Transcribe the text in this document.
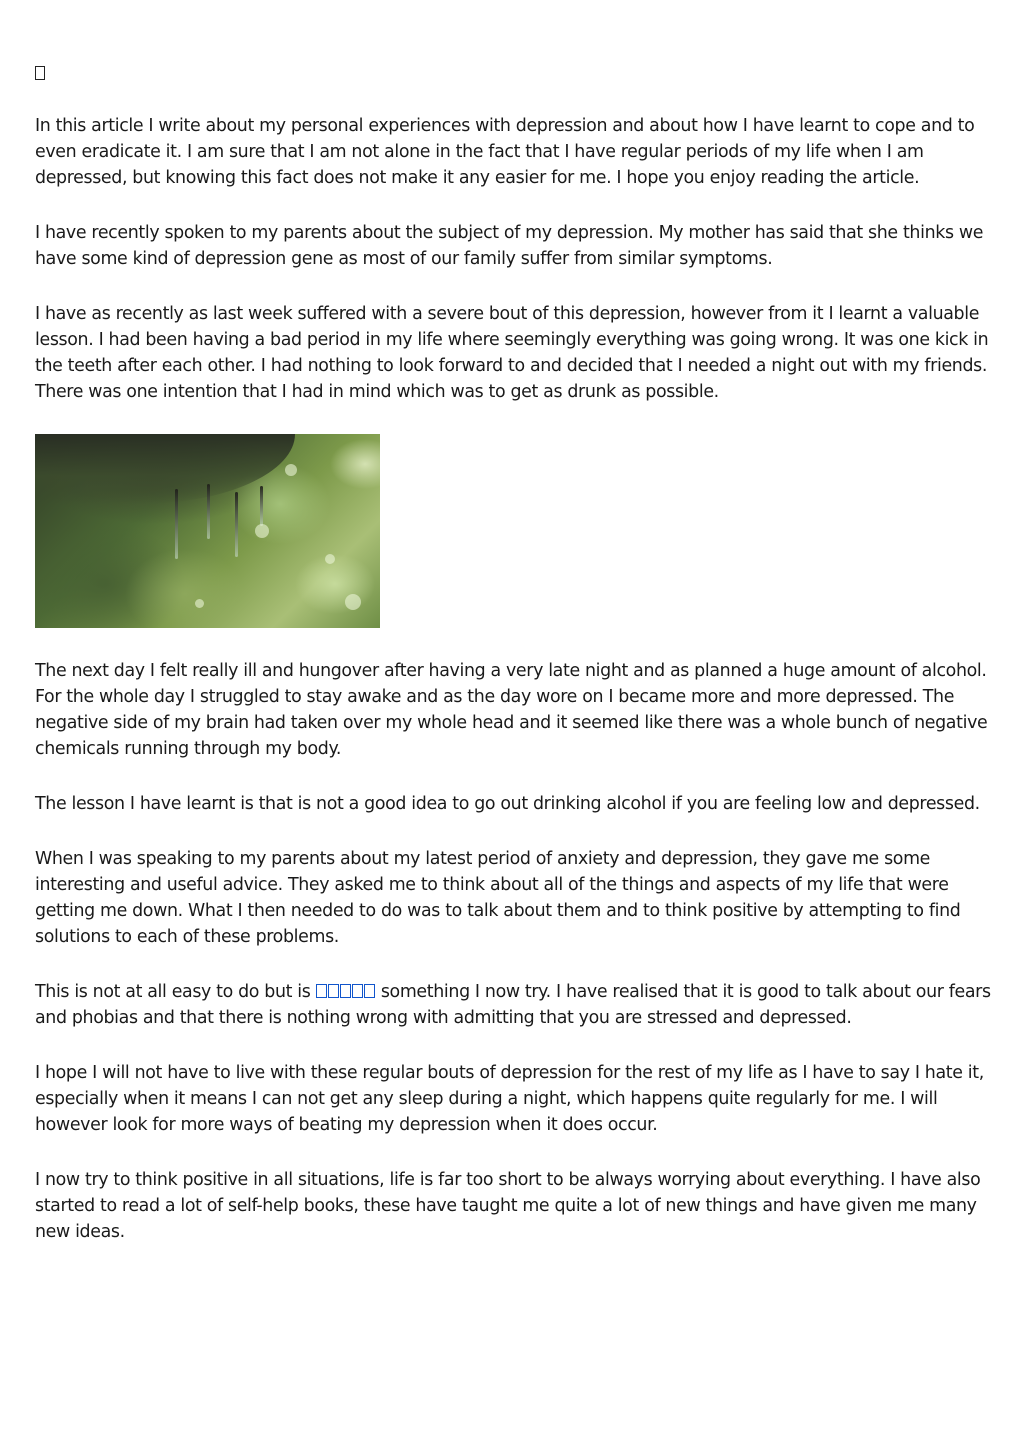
In this article I write about my personal experiences with depression and about how I have learnt to cope and to even eradicate it. I am sure that I am not alone in the fact that I have regular periods of my life when I am depressed, but knowing this fact does not make it any easier for me. I hope you enjoy reading the article.

I have recently spoken to my parents about the subject of my depression. My mother has said that she thinks we have some kind of depression gene as most of our family suffer from similar symptoms.

I have as recently as last week suffered with a severe bout of this depression, however from it I learnt a valuable lesson. I had been having a bad period in my life where seemingly everything was going wrong. It was one kick in the teeth after each other. I had nothing to look forward to and decided that I needed a night out with my friends. There was one intention that I had in mind which was to get as drunk as possible.

The next day I felt really ill and hungover after having a very late night and as planned a huge amount of alcohol. For the whole day I struggled to stay awake and as the day wore on I became more and more depressed. The negative side of my brain had taken over my whole head and it seemed like there was a whole bunch of negative chemicals running through my body.

The lesson I have learnt is that is not a good idea to go out drinking alcohol if you are feeling low and depressed.

When I was speaking to my parents about my latest period of anxiety and depression, they gave me some interesting and useful advice. They asked me to think about all of the things and aspects of my life that were getting me down. What I then needed to do was to talk about them and to think positive by attempting to find solutions to each of these problems.

This is not at all easy to do but is	something I now try. I have realised that it is good to talk about our fears and phobias and that there is nothing wrong with admitting that you are stressed and depressed.

I hope I will not have to live with these regular bouts of depression for the rest of my life as I have to say I hate it, especially when it means I can not get any sleep during a night, which happens quite regularly for me. I will however look for more ways of beating my depression when it does occur.

I now try to think positive in all situations, life is far too short to be always worrying about everything. I have also started to read a lot of self-help books, these have taught me quite a lot of new things and have given me many new ideas.
